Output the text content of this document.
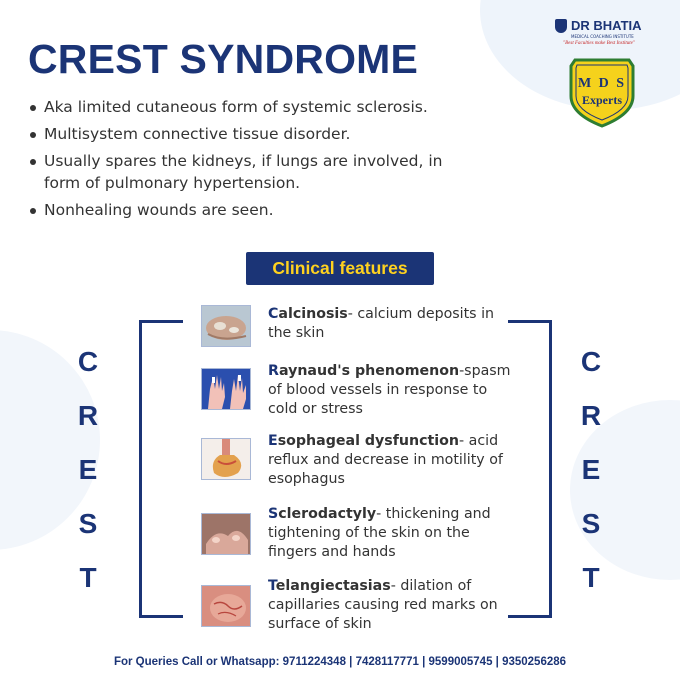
CREST SYNDROME
DR BHATIA
MEDICAL COACHING INSTITUTE
"Best Faculties make Best Institute"
M D S
Experts
Aka limited cutaneous form of systemic sclerosis.
Multisystem connective tissue disorder.
Usually spares the kidneys, if lungs are involved, in form of pulmonary hypertension.
Nonhealing wounds are seen.
Clinical features
C
R
E
S
T
C
R
E
S
T
Calcinosis- calcium deposits in the skin
Raynaud's phenomenon-spasm of blood vessels in response to cold or stress
Esophageal dysfunction- acid reflux and decrease in motility of esophagus
Sclerodactyly- thickening and tightening of the skin on the fingers and hands
Telangiectasias- dilation of capillaries causing red marks on surface of skin
For Queries Call or Whatsapp: 9711224348 | 7428117771 | 9599005745 | 9350256286
